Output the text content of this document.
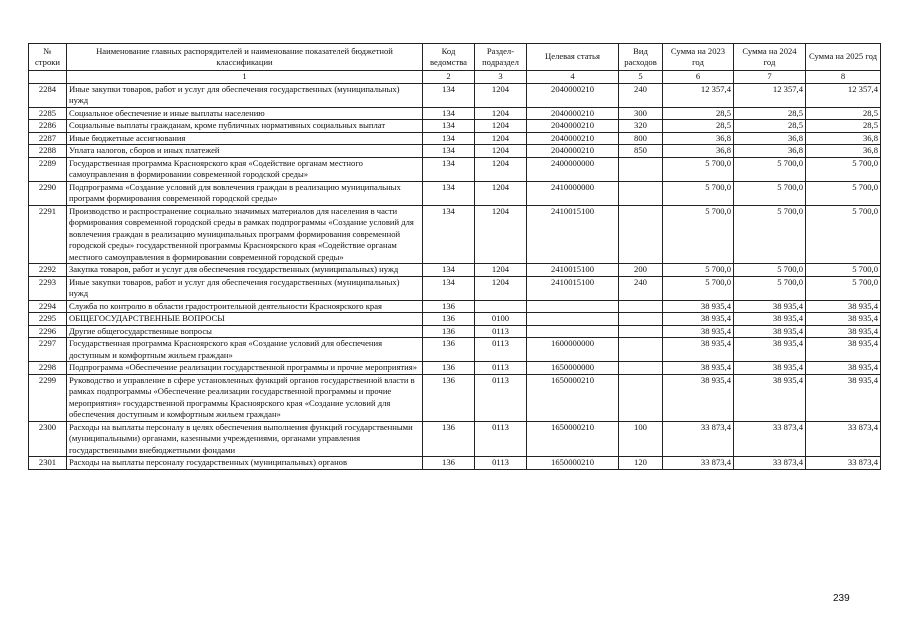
№ строки	Наименование главных распорядителей и наименование показателей бюджетной классификации	Код ведомства	Раздел-подраздел	Целевая статья	Вид расходов	Сумма на 2023 год	Сумма на 2024 год	Сумма на 2025 год
	1	2	3	4	5	6	7	8
2284	Иные закупки товаров, работ и услуг для обеспечения государственных (муниципальных) нужд	134	1204	2040000210	240	12 357,4	12 357,4	12 357,4
2285	Социальное обеспечение и иные выплаты населению	134	1204	2040000210	300	28,5	28,5	28,5
2286	Социальные выплаты гражданам, кроме публичных нормативных социальных выплат	134	1204	2040000210	320	28,5	28,5	28,5
2287	Иные бюджетные ассигнования	134	1204	2040000210	800	36,8	36,8	36,8
2288	Уплата налогов, сборов и иных платежей	134	1204	2040000210	850	36,8	36,8	36,8
2289	Государственная программа Красноярского края «Содействие органам местного самоуправления в формировании современной городской среды»	134	1204	2400000000		5 700,0	5 700,0	5 700,0
2290	Подпрограмма «Создание условий для вовлечения граждан в реализацию муниципальных программ формирования современной городской среды»	134	1204	2410000000		5 700,0	5 700,0	5 700,0
2291	Производство и распространение социально значимых материалов для населения в части формирования современной городской среды в рамках подпрограммы «Создание условий для вовлечения граждан в реализацию муниципальных программ формирования современной городской среды» государственной программы Красноярского края «Содействие органам местного самоуправления в формировании современной городской среды»	134	1204	2410015100		5 700,0	5 700,0	5 700,0
2292	Закупка товаров, работ и услуг для обеспечения государственных (муниципальных) нужд	134	1204	2410015100	200	5 700,0	5 700,0	5 700,0
2293	Иные закупки товаров, работ и услуг для обеспечения государственных (муниципальных) нужд	134	1204	2410015100	240	5 700,0	5 700,0	5 700,0
2294	Служба по контролю в области градостроительной деятельности Красноярского края	136				38 935,4	38 935,4	38 935,4
2295	ОБЩЕГОСУДАРСТВЕННЫЕ ВОПРОСЫ	136	0100			38 935,4	38 935,4	38 935,4
2296	Другие общегосударственные вопросы	136	0113			38 935,4	38 935,4	38 935,4
2297	Государственная программа Красноярского края «Создание условий для обеспечения доступным и комфортным жильем граждан»	136	0113	1600000000		38 935,4	38 935,4	38 935,4
2298	Подпрограмма «Обеспечение реализации государственной программы и прочие мероприятия»	136	0113	1650000000		38 935,4	38 935,4	38 935,4
2299	Руководство и управление в сфере установленных функций органов государственной власти в рамках подпрограммы «Обеспечение реализации государственной программы и прочие мероприятия» государственной программы Красноярского края «Создание условий для обеспечения доступным и комфортным жильем граждан»	136	0113	1650000210		38 935,4	38 935,4	38 935,4
2300	Расходы на выплаты персоналу в целях обеспечения выполнения функций государственными (муниципальными) органами, казенными учреждениями, органами управления государственными внебюджетными фондами	136	0113	1650000210	100	33 873,4	33 873,4	33 873,4
2301	Расходы на выплаты персоналу государственных (муниципальных) органов	136	0113	1650000210	120	33 873,4	33 873,4	33 873,4
239
